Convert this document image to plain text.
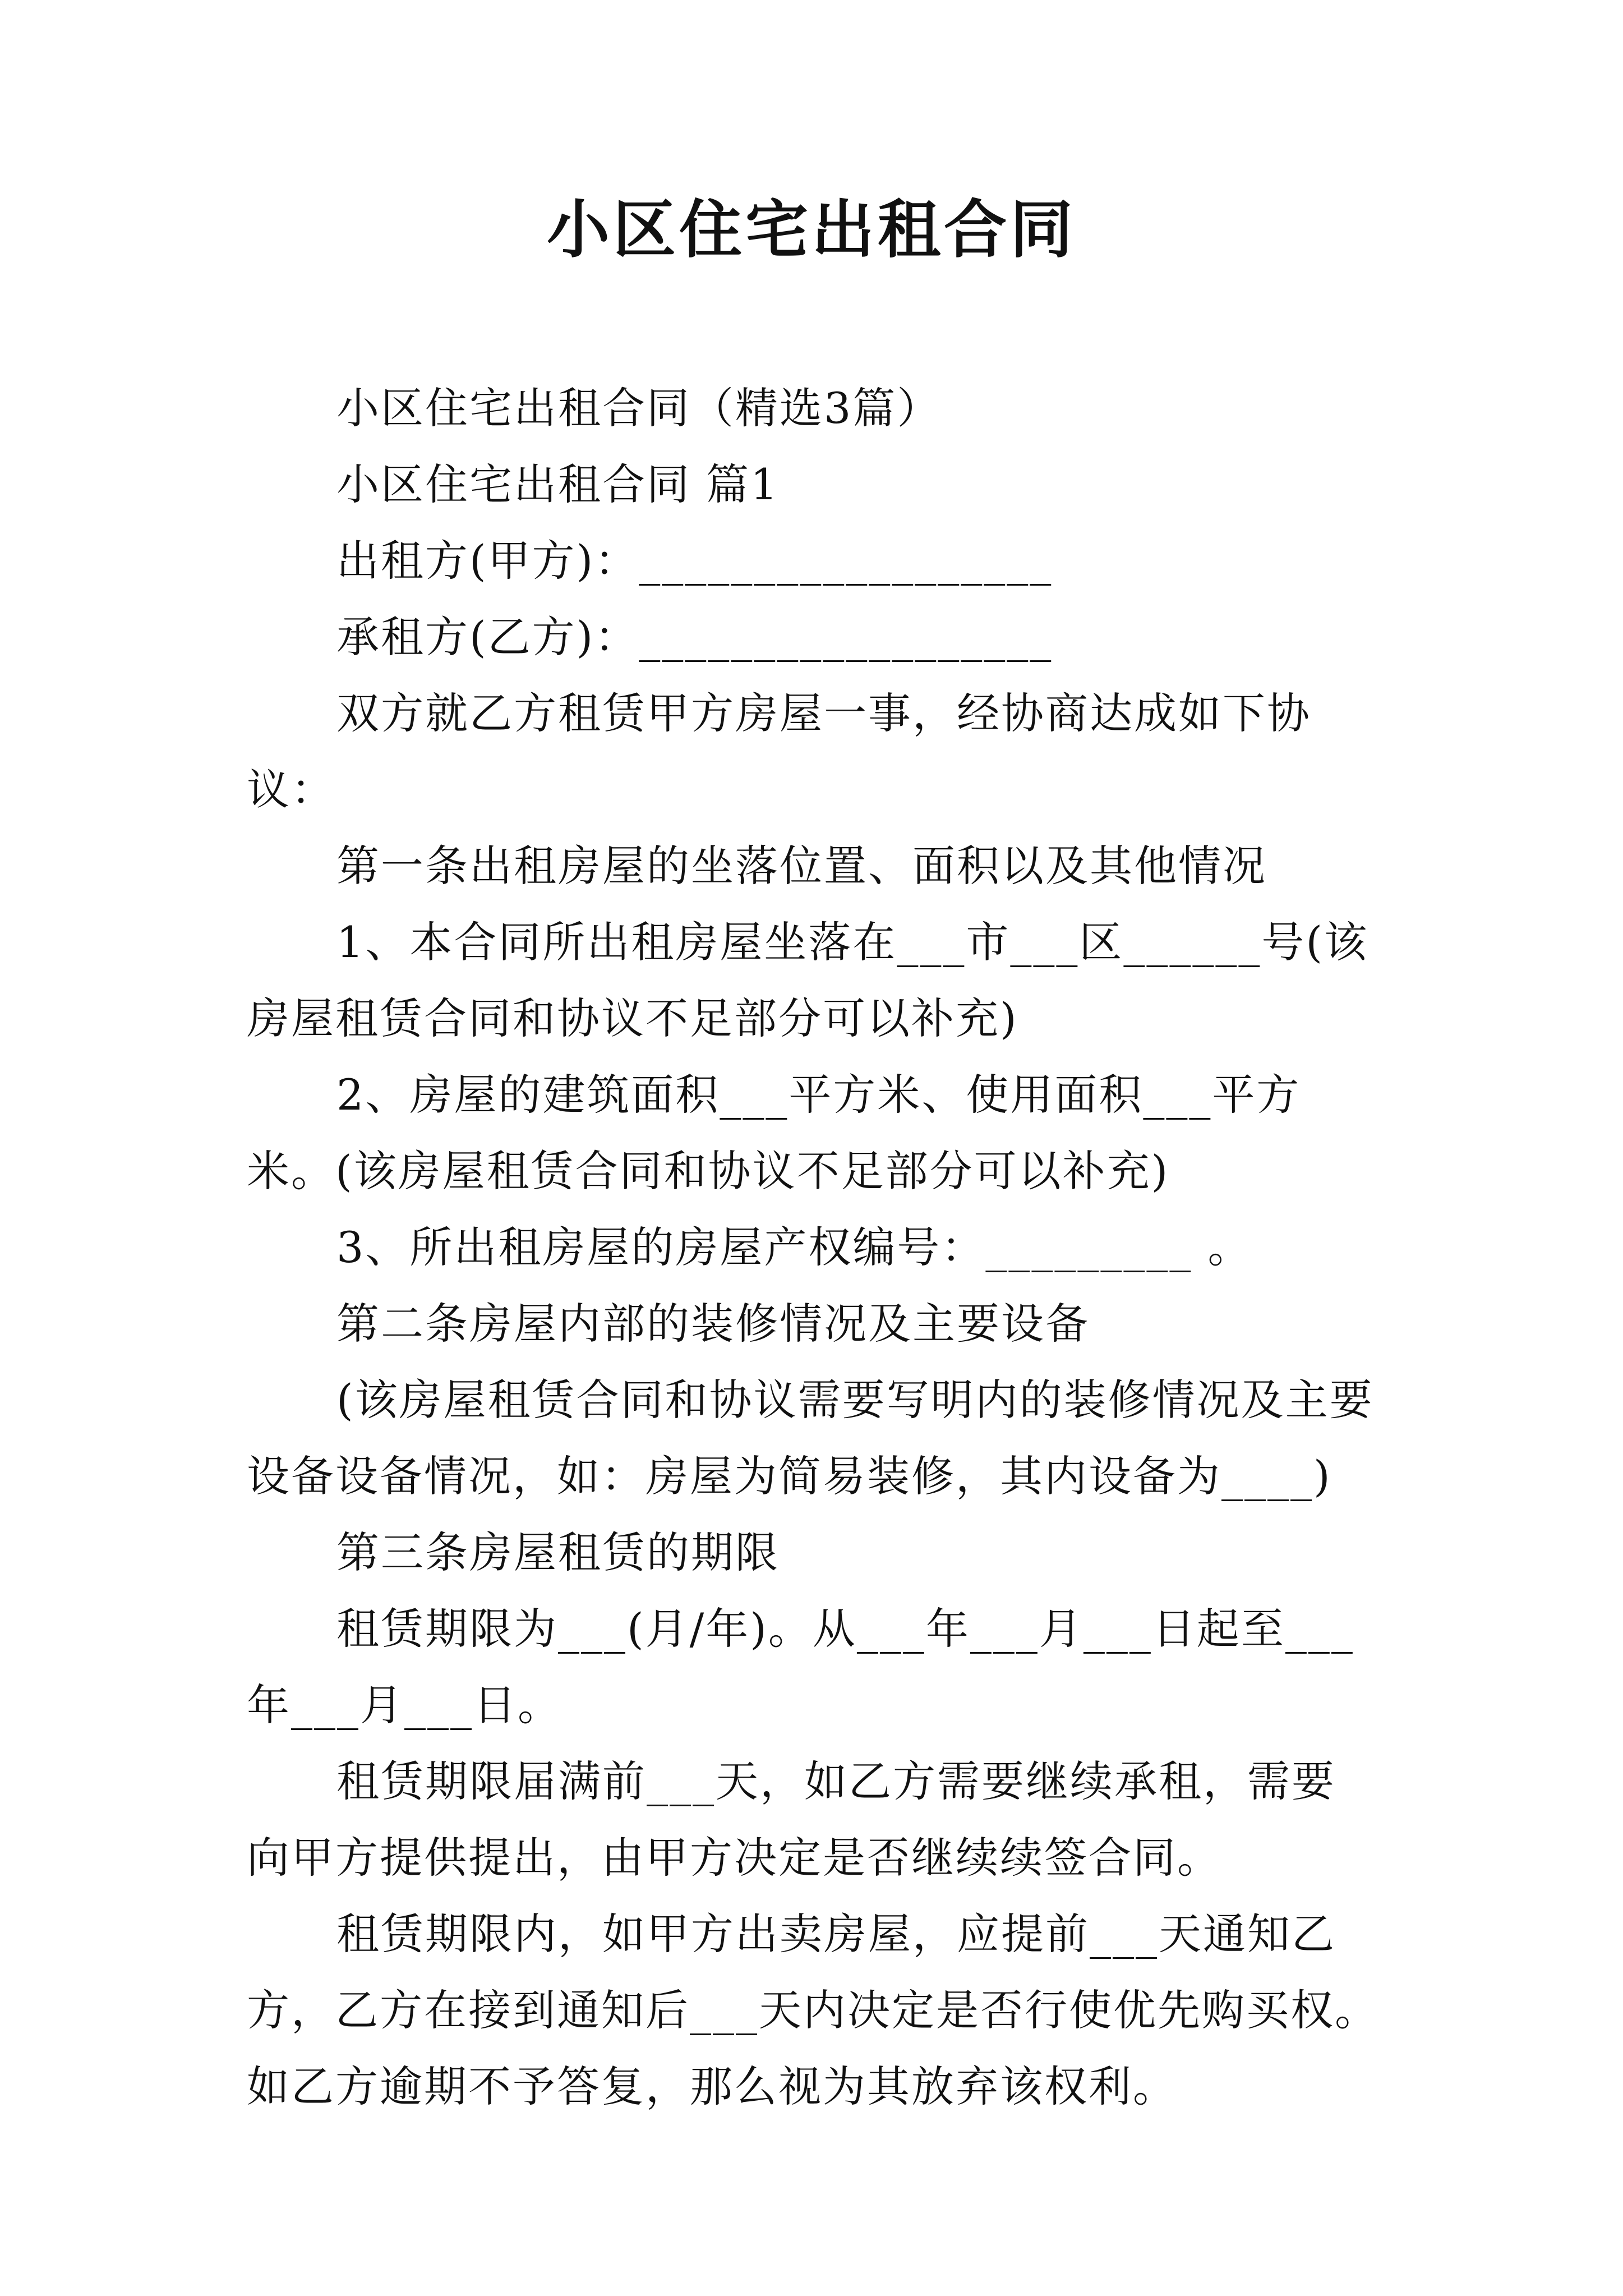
小区住宅出租合同

小区住宅出租合同（精选3篇）

小区住宅出租合同 篇1

出租方(甲方)：__________________

承租方(乙方)：__________________

双方就乙方租赁甲方房屋一事，经协商达成如下协议：

第一条出租房屋的坐落位置、面积以及其他情况

1、本合同所出租房屋坐落在___市___区______号(该房屋租赁合同和协议不足部分可以补充)

2、房屋的建筑面积___平方米、使用面积___平方米。(该房屋租赁合同和协议不足部分可以补充)

3、所出租房屋的房屋产权编号：_________ 。

第二条房屋内部的装修情况及主要设备

(该房屋租赁合同和协议需要写明内的装修情况及主要设备设备情况，如：房屋为简易装修，其内设备为____)

第三条房屋租赁的期限

租赁期限为___(月/年)。从___年___月___日起至___年___月___日。

租赁期限届满前___天，如乙方需要继续承租，需要向甲方提供提出，由甲方决定是否继续续签合同。

租赁期限内，如甲方出卖房屋，应提前___天通知乙方，乙方在接到通知后___天内决定是否行使优先购买权。如乙方逾期不予答复，那么视为其放弃该权利。
